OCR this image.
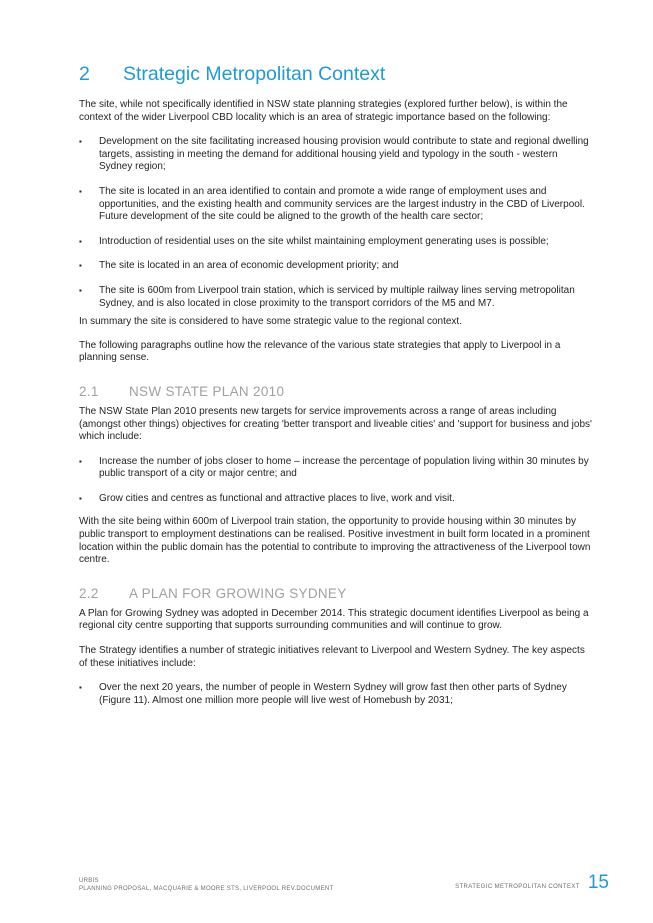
2	Strategic Metropolitan Context

The site, while not specifically identified in NSW state planning strategies (explored further below), is within the context of the wider Liverpool CBD locality which is an area of strategic importance based on the following:

▪ Development on the site facilitating increased housing provision would contribute to state and regional dwelling targets, assisting in meeting the demand for additional housing yield and typology in the south - western Sydney region;
▪ The site is located in an area identified to contain and promote a wide range of employment uses and opportunities, and the existing health and community services are the largest industry in the CBD of Liverpool. Future development of the site could be aligned to the growth of the health care sector;
▪ Introduction of residential uses on the site whilst maintaining employment generating uses is possible;
▪ The site is located in an area of economic development priority; and
▪ The site is 600m from Liverpool train station, which is serviced by multiple railway lines serving metropolitan Sydney, and is also located in close proximity to the transport corridors of the M5 and M7.

In summary the site is considered to have some strategic value to the regional context.

The following paragraphs outline how the relevance of the various state strategies that apply to Liverpool in a planning sense.

2.1	NSW STATE PLAN 2010

The NSW State Plan 2010 presents new targets for service improvements across a range of areas including (amongst other things) objectives for creating 'better transport and liveable cities' and 'support for business and jobs' which include:

▪ Increase the number of jobs closer to home – increase the percentage of population living within 30 minutes by public transport of a city or major centre; and
▪ Grow cities and centres as functional and attractive places to live, work and visit.

With the site being within 600m of Liverpool train station, the opportunity to provide housing within 30 minutes by public transport to employment destinations can be realised. Positive investment in built form located in a prominent location within the public domain has the potential to contribute to improving the attractiveness of the Liverpool town centre.

2.2	A PLAN FOR GROWING SYDNEY

A Plan for Growing Sydney was adopted in December 2014. This strategic document identifies Liverpool as being a regional city centre supporting that supports surrounding communities and will continue to grow.

The Strategy identifies a number of strategic initiatives relevant to Liverpool and Western Sydney. The key aspects of these initiatives include:

▪ Over the next 20 years, the number of people in Western Sydney will grow fast then other parts of Sydney (Figure 11). Almost one million more people will live west of Homebush by 2031;
URBIS
PLANNING PROPOSAL, MACQUARIE & MOORE STS, LIVERPOOL REV.DOCUMENT	STRATEGIC METROPOLITAN CONTEXT 15
